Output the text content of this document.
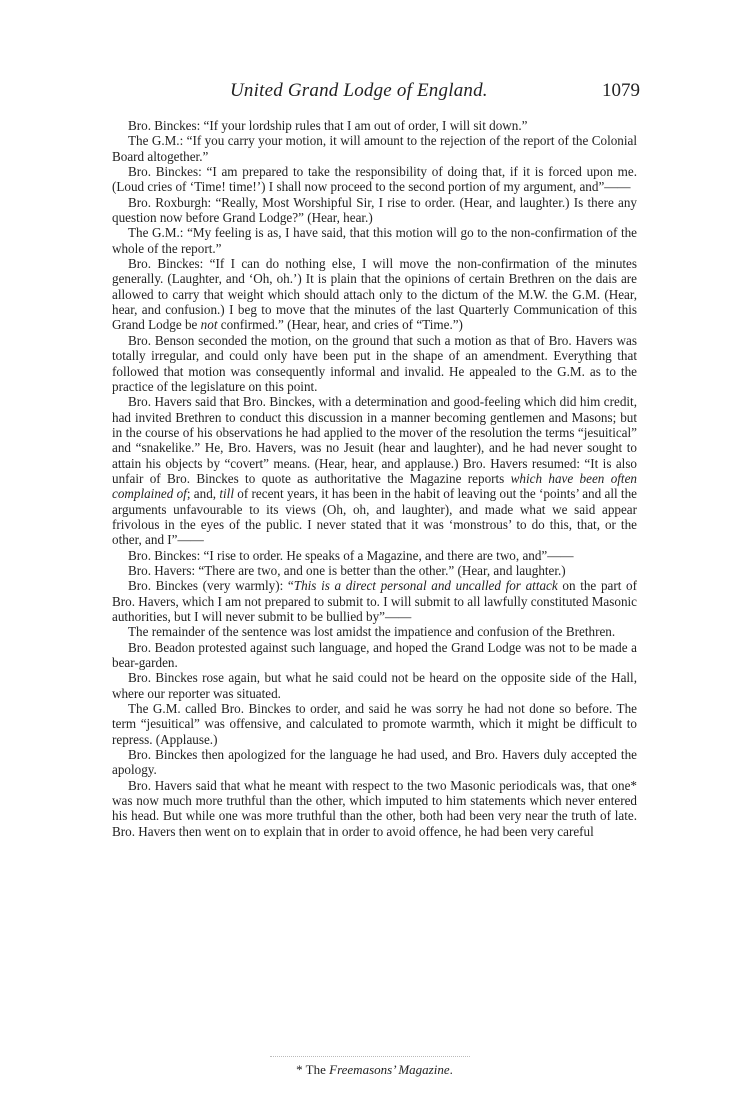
United Grand Lodge of England.	1079

Bro. Binckes: “If your lordship rules that I am out of order, I will sit down.”

The G.M.: “If you carry your motion, it will amount to the rejection of the report of the Colonial Board altogether.”

Bro. Binckes: “I am prepared to take the responsibility of doing that, if it is forced upon me. (Loud cries of ‘Time! time!’) I shall now proceed to the second portion of my argument, and”——

Bro. Roxburgh: “Really, Most Worshipful Sir, I rise to order. (Hear, and laughter.) Is there any question now before Grand Lodge?” (Hear, hear.)

The G.M.: “My feeling is as, I have said, that this motion will go to the non-confirmation of the whole of the report.”

Bro. Binckes: “If I can do nothing else, I will move the non-confirmation of the minutes generally. (Laughter, and ‘Oh, oh.’) It is plain that the opinions of certain Brethren on the dais are allowed to carry that weight which should attach only to the dictum of the M.W. the G.M. (Hear, hear, and confusion.) I beg to move that the minutes of the last Quarterly Communication of this Grand Lodge be not confirmed.” (Hear, hear, and cries of “Time.”)

Bro. Benson seconded the motion, on the ground that such a motion as that of Bro. Havers was totally irregular, and could only have been put in the shape of an amendment. Everything that followed that motion was consequently informal and invalid. He appealed to the G.M. as to the practice of the legislature on this point.

Bro. Havers said that Bro. Binckes, with a determination and good-feeling which did him credit, had invited Brethren to conduct this discussion in a manner becoming gentlemen and Masons; but in the course of his observations he had applied to the mover of the resolution the terms “jesuitical” and “snakelike.” He, Bro. Havers, was no Jesuit (hear and laughter), and he had never sought to attain his objects by “covert” means. (Hear, hear, and applause.) Bro. Havers resumed: “It is also unfair of Bro. Binckes to quote as authoritative the Magazine reports which have been often complained of; and, till of recent years, it has been in the habit of leaving out the ‘points’ and all the arguments unfavourable to its views (Oh, oh, and laughter), and made what we said appear frivolous in the eyes of the public. I never stated that it was ‘monstrous’ to do this, that, or the other, and I”——

Bro. Binckes: “I rise to order. He speaks of a Magazine, and there are two, and”——

Bro. Havers: “There are two, and one is better than the other.” (Hear, and laughter.)

Bro. Binckes (very warmly): “This is a direct personal and uncalled for attack on the part of Bro. Havers, which I am not prepared to submit to. I will submit to all lawfully constituted Masonic authorities, but I will never submit to be bullied by”——

The remainder of the sentence was lost amidst the impatience and confusion of the Brethren.

Bro. Beadon protested against such language, and hoped the Grand Lodge was not to be made a bear-garden.

Bro. Binckes rose again, but what he said could not be heard on the opposite side of the Hall, where our reporter was situated.

The G.M. called Bro. Binckes to order, and said he was sorry he had not done so before. The term “jesuitical” was offensive, and calculated to promote warmth, which it might be difficult to repress. (Applause.)

Bro. Binckes then apologized for the language he had used, and Bro. Havers duly accepted the apology.

Bro. Havers said that what he meant with respect to the two Masonic periodicals was, that one* was now much more truthful than the other, which imputed to him statements which never entered his head. But while one was more truthful than the other, both had been very near the truth of late. Bro. Havers then went on to explain that in order to avoid offence, he had been very careful

* The Freemasons’ Magazine.
